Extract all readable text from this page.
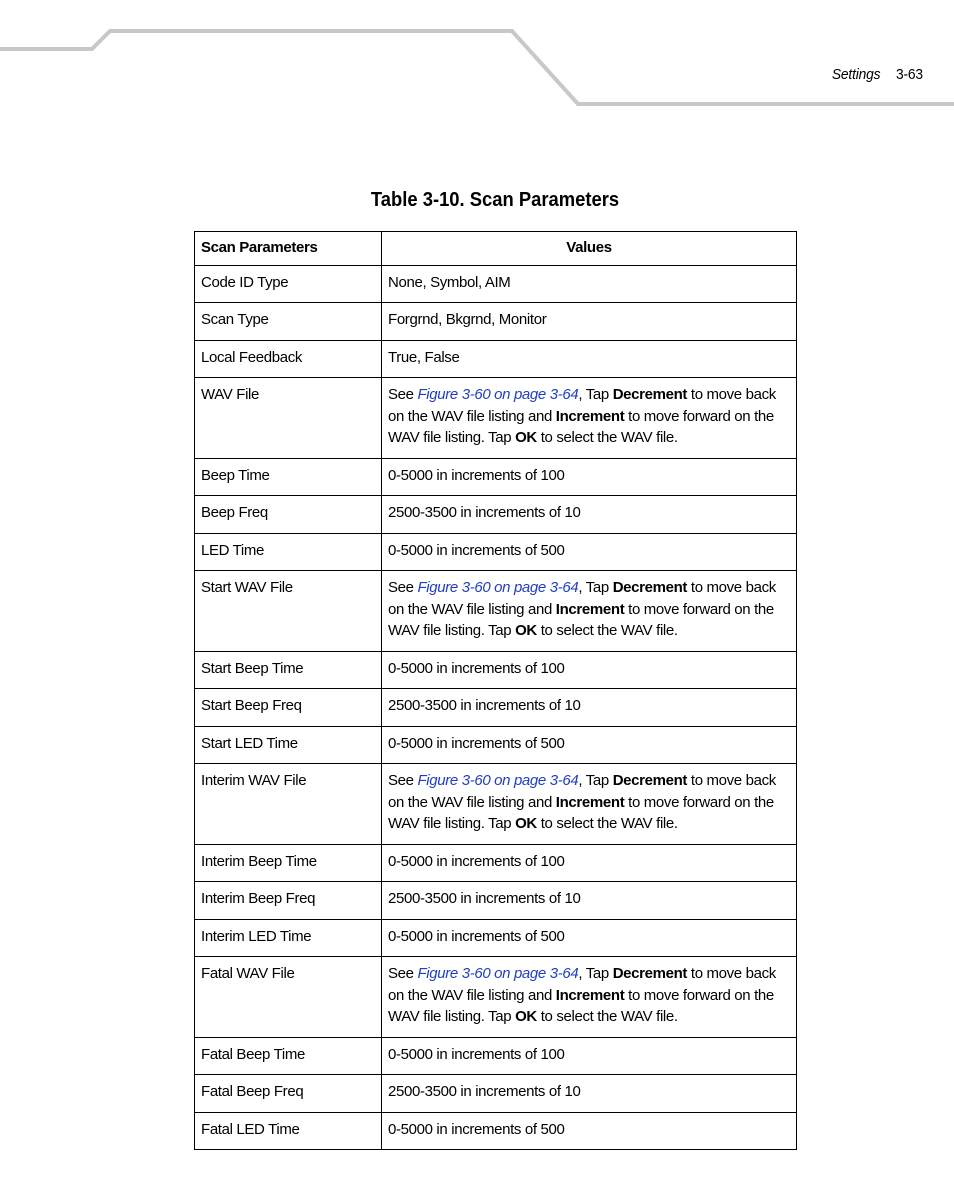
Settings 3-63
Table 3-10. Scan Parameters
Scan Parameters	Values
Code ID Type	None, Symbol, AIM
Scan Type	Forgrnd, Bkgrnd, Monitor
Local Feedback	True, False
WAV File	See Figure 3-60 on page 3-64, Tap Decrement to move back on the WAV file listing and Increment to move forward on the WAV file listing. Tap OK to select the WAV file.
Beep Time	0-5000 in increments of 100
Beep Freq	2500-3500 in increments of 10
LED Time	0-5000 in increments of 500
Start WAV File	See Figure 3-60 on page 3-64, Tap Decrement to move back on the WAV file listing and Increment to move forward on the WAV file listing. Tap OK to select the WAV file.
Start Beep Time	0-5000 in increments of 100
Start Beep Freq	2500-3500 in increments of 10
Start LED Time	0-5000 in increments of 500
Interim WAV File	See Figure 3-60 on page 3-64, Tap Decrement to move back on the WAV file listing and Increment to move forward on the WAV file listing. Tap OK to select the WAV file.
Interim Beep Time	0-5000 in increments of 100
Interim Beep Freq	2500-3500 in increments of 10
Interim LED Time	0-5000 in increments of 500
Fatal WAV File	See Figure 3-60 on page 3-64, Tap Decrement to move back on the WAV file listing and Increment to move forward on the WAV file listing. Tap OK to select the WAV file.
Fatal Beep Time	0-5000 in increments of 100
Fatal Beep Freq	2500-3500 in increments of 10
Fatal LED Time	0-5000 in increments of 500
